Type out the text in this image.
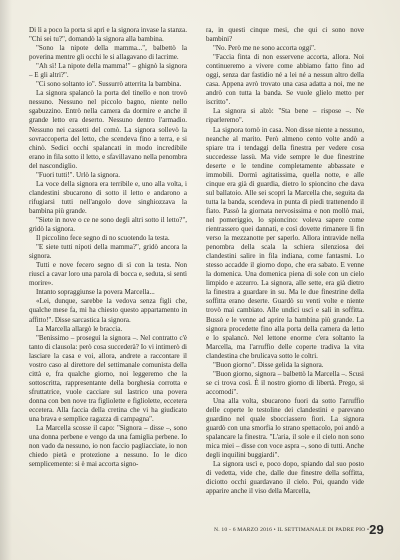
Di lì a poco la porta si aprì e la signora invase la stanza. "Chi sei tu?", domandò la signora alla bambina.

"Sono la nipote della mamma...", balbettò la poverina mentre gli occhi le si allagavano di lacrime.

"Ah sì! La nipote della mamma!" – ghignò la signora – E gli altri?".

"Ci sono soltanto io". Sussurrò atterrita la bambina.

La signora spalancò la porta del tinello e non trovò nessuno. Nessuno nel piccolo bagno, niente nello sgabuzzino. Entrò nella camera da dormire e anche il grande letto era deserto. Nessuno dentro l'armadio. Nessuno nei cassetti del comò. La signora sollevò la sovraccoperta del letto, che scendeva fino a terra, e si chinò. Sedici occhi spalancati in modo incredibile erano in fila sotto il letto, e sfavillavano nella penombra del nascondiglio.

"Fuori tutti!". Urlò la signora.

La voce della signora era terribile e, uno alla volta, i clandestini sbucarono di sotto il letto e andarono a rifugiarsi tutti nell'angolo dove singhiozzava la bambina più grande.

"Siete in nove o ce ne sono degli altri sotto il letto?", gridò la signora.

Il piccolino fece segno di no scuotendo la testa.

"E siete tutti nipoti della mamma?", gridò ancora la signora.

Tutti e nove fecero segno di sì con la testa. Non riuscì a cavar loro una parola di bocca e, seduta, si sentì morire».

Intanto sopraggiunse la povera Marcella...

«Lei, dunque, sarebbe la vedova senza figli che, qualche mese fa, mi ha chiesto questo appartamento in affitto!". Disse sarcastica la signora.

La Marcella allargò le braccia.

"Benissimo – proseguì la signora –. Nel contratto c'è tanto di clausola: però cosa succederà? Io vi intimerò di lasciare la casa e voi, allora, andrete a raccontare il vostro caso al direttore del settimanale comunista della città e, fra qualche giorno, noi leggeremo che la sottoscritta, rappresentante della borghesia corrotta e sfruttatrice, vuole cacciare sul lastrico una povera donna con ben nove tra figliolette e figliolette, eccetera eccetera. Alla faccia della cretina che vi ha giudicato una brava e semplice ragazza di campagna".

La Marcella scosse il capo: "Signora – disse –, sono una donna perbene e vengo da una famiglia perbene. Io non vado da nessuno, io non faccio pagliacciate, io non chiedo pietà e protezione a nessuno. Io le dico semplicemente: si è mai accorta signo-

ra, in questi cinque mesi, che qui ci sono nove bambini?

"No. Però me ne sono accorta oggi".

"Faccia finta di non esservene accorta, allora. Noi continueremo a vivere come abbiamo fatto fino ad oggi, senza dar fastidio né a lei né a nessun altro della casa. Appena avrò trovato una casa adatta a noi, me ne andrò con tutta la banda. Se vuole glielo metto per iscritto".

La signora si alzò: "Sta bene – rispose –. Ne riparleremo".

La signora tornò in casa. Non disse niente a nessuno, neanche al marito. Però almeno cento volte andò a spiare tra i tendaggi della finestra per vedere cosa succedesse lassù. Ma vide sempre le due finestrine deserte e le tendine completamente abbassate e immobili. Dormì agitatissima, quella notte, e alle cinque era già di guardia, dietro lo spioncino che dava sul ballatoio. Alle sei scoprì la Marcella che, seguita da tutta la banda, scendeva in punta di piedi trattenendo il fiato. Passò la giornata nervosissima e non mollò mai, nel pomeriggio, lo spioncino: voleva sapere come rientrassero quei dannati, e così dovette rimanere lì fin verso la mezzanotte per saperlo. Allora intravide nella penombra della scala la schiera silenziosa dei clandestini salire in fila indiana, come fantasmi. Lo stesso accadde il giorno dopo, che era sabato. E venne la domenica. Una domenica piena di sole con un cielo limpido e azzurro. La signora, alle sette, era già dietro la finestra a guardare in su. Ma le due finestrine della soffitta erano deserte. Guardò su venti volte e niente trovò mai cambiato. Alle undici uscì e salì in soffitta. Bussò e le venne ad aprire la bambina più grande. La signora procedette fino alla porta della camera da letto e lo spalancò. Nel lettone enorme c'era soltanto la Marcella, ma l'arruffio delle coperte tradiva la vita clandestina che brulicava sotto le coltri.

"Buon giorno". Disse gelida la signora.

"Buon giorno, signora – balbettò la Marcella –. Scusi se ci trova così. È il nostro giorno di libertà. Prego, si accomodi".

Una alla volta, sbucarono fuori da sotto l'arruffio delle coperte le testoline dei clandestini e parevano guardino nel quale sbocciassero fiori. La signora guardò con una smorfia lo strano spettacolo, poi andò a spalancare la finestra. "L'aria, il sole e il cielo non sono mica miei – disse con voce aspra –, sono di tutti. Anche degli inquilini buggiardi".

La signora uscì e, poco dopo, spiando dal suo posto di vedetta, vide che, dalle due finestre della soffitta, diciotto occhi guardavano il cielo. Poi, quando vide apparire anche il viso della Marcella,

N. 10 - 6 MARZO 2016 • IL SETTIMANALE DI PADRE PIO • 29
